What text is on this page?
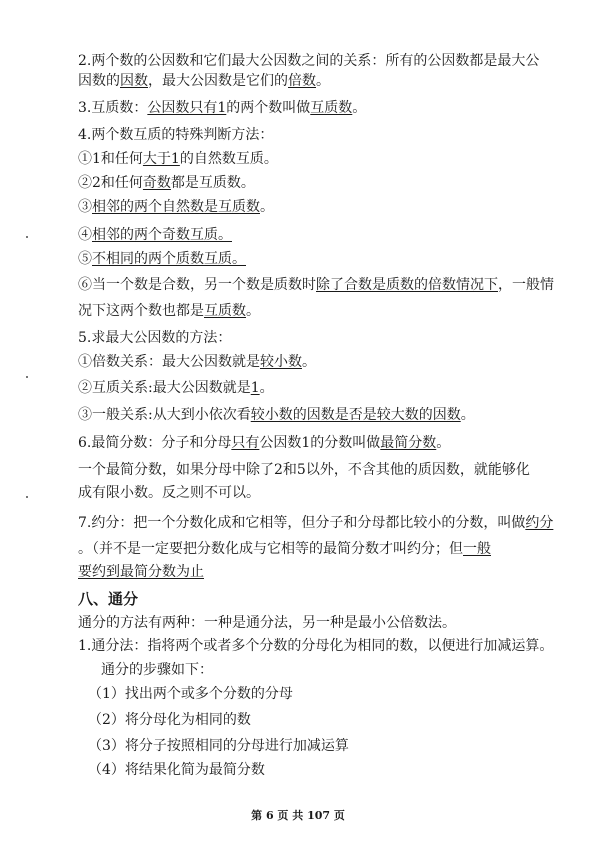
2.两个数的公因数和它们最大公因数之间的关系：所有的公因数都是最大公
因数的因数，最大公因数是它们的倍数。
3.互质数：公因数只有1的两个数叫做互质数。
4.两个数互质的特殊判断方法：
①1和任何大于1的自然数互质。
②2和任何奇数都是互质数。
③相邻的两个自然数是互质数。
④相邻的两个奇数互质。
⑤不相同的两个质数互质。
⑥当一个数是合数，另一个数是质数时除了合数是质数的倍数情况下，一般情
况下这两个数也都是互质数。
5.求最大公因数的方法：
①倍数关系：最大公因数就是较小数。
②互质关系:最大公因数就是1。
③一般关系:从大到小依次看较小数的因数是否是较大数的因数。
6.最简分数：分子和分母只有公因数1的分数叫做最简分数。
一个最简分数，如果分母中除了2和5以外，不含其他的质因数，就能够化
成有限小数。反之则不可以。
7.约分：把一个分数化成和它相等，但分子和分母都比较小的分数，叫做约分
。（并不是一定要把分数化成与它相等的最简分数才叫约分；但一般
要约到最简分数为止
八、通分
通分的方法有两种：一种是通分法，另一种是最小公倍数法。
1.通分法：指将两个或者多个分数的分母化为相同的数，以便进行加减运算。
通分的步骤如下：
（1）找出两个或多个分数的分母
（2）将分母化为相同的数
（3）将分子按照相同的分母进行加减运算
（4）将结果化简为最简分数
第 6 页 共 107 页
